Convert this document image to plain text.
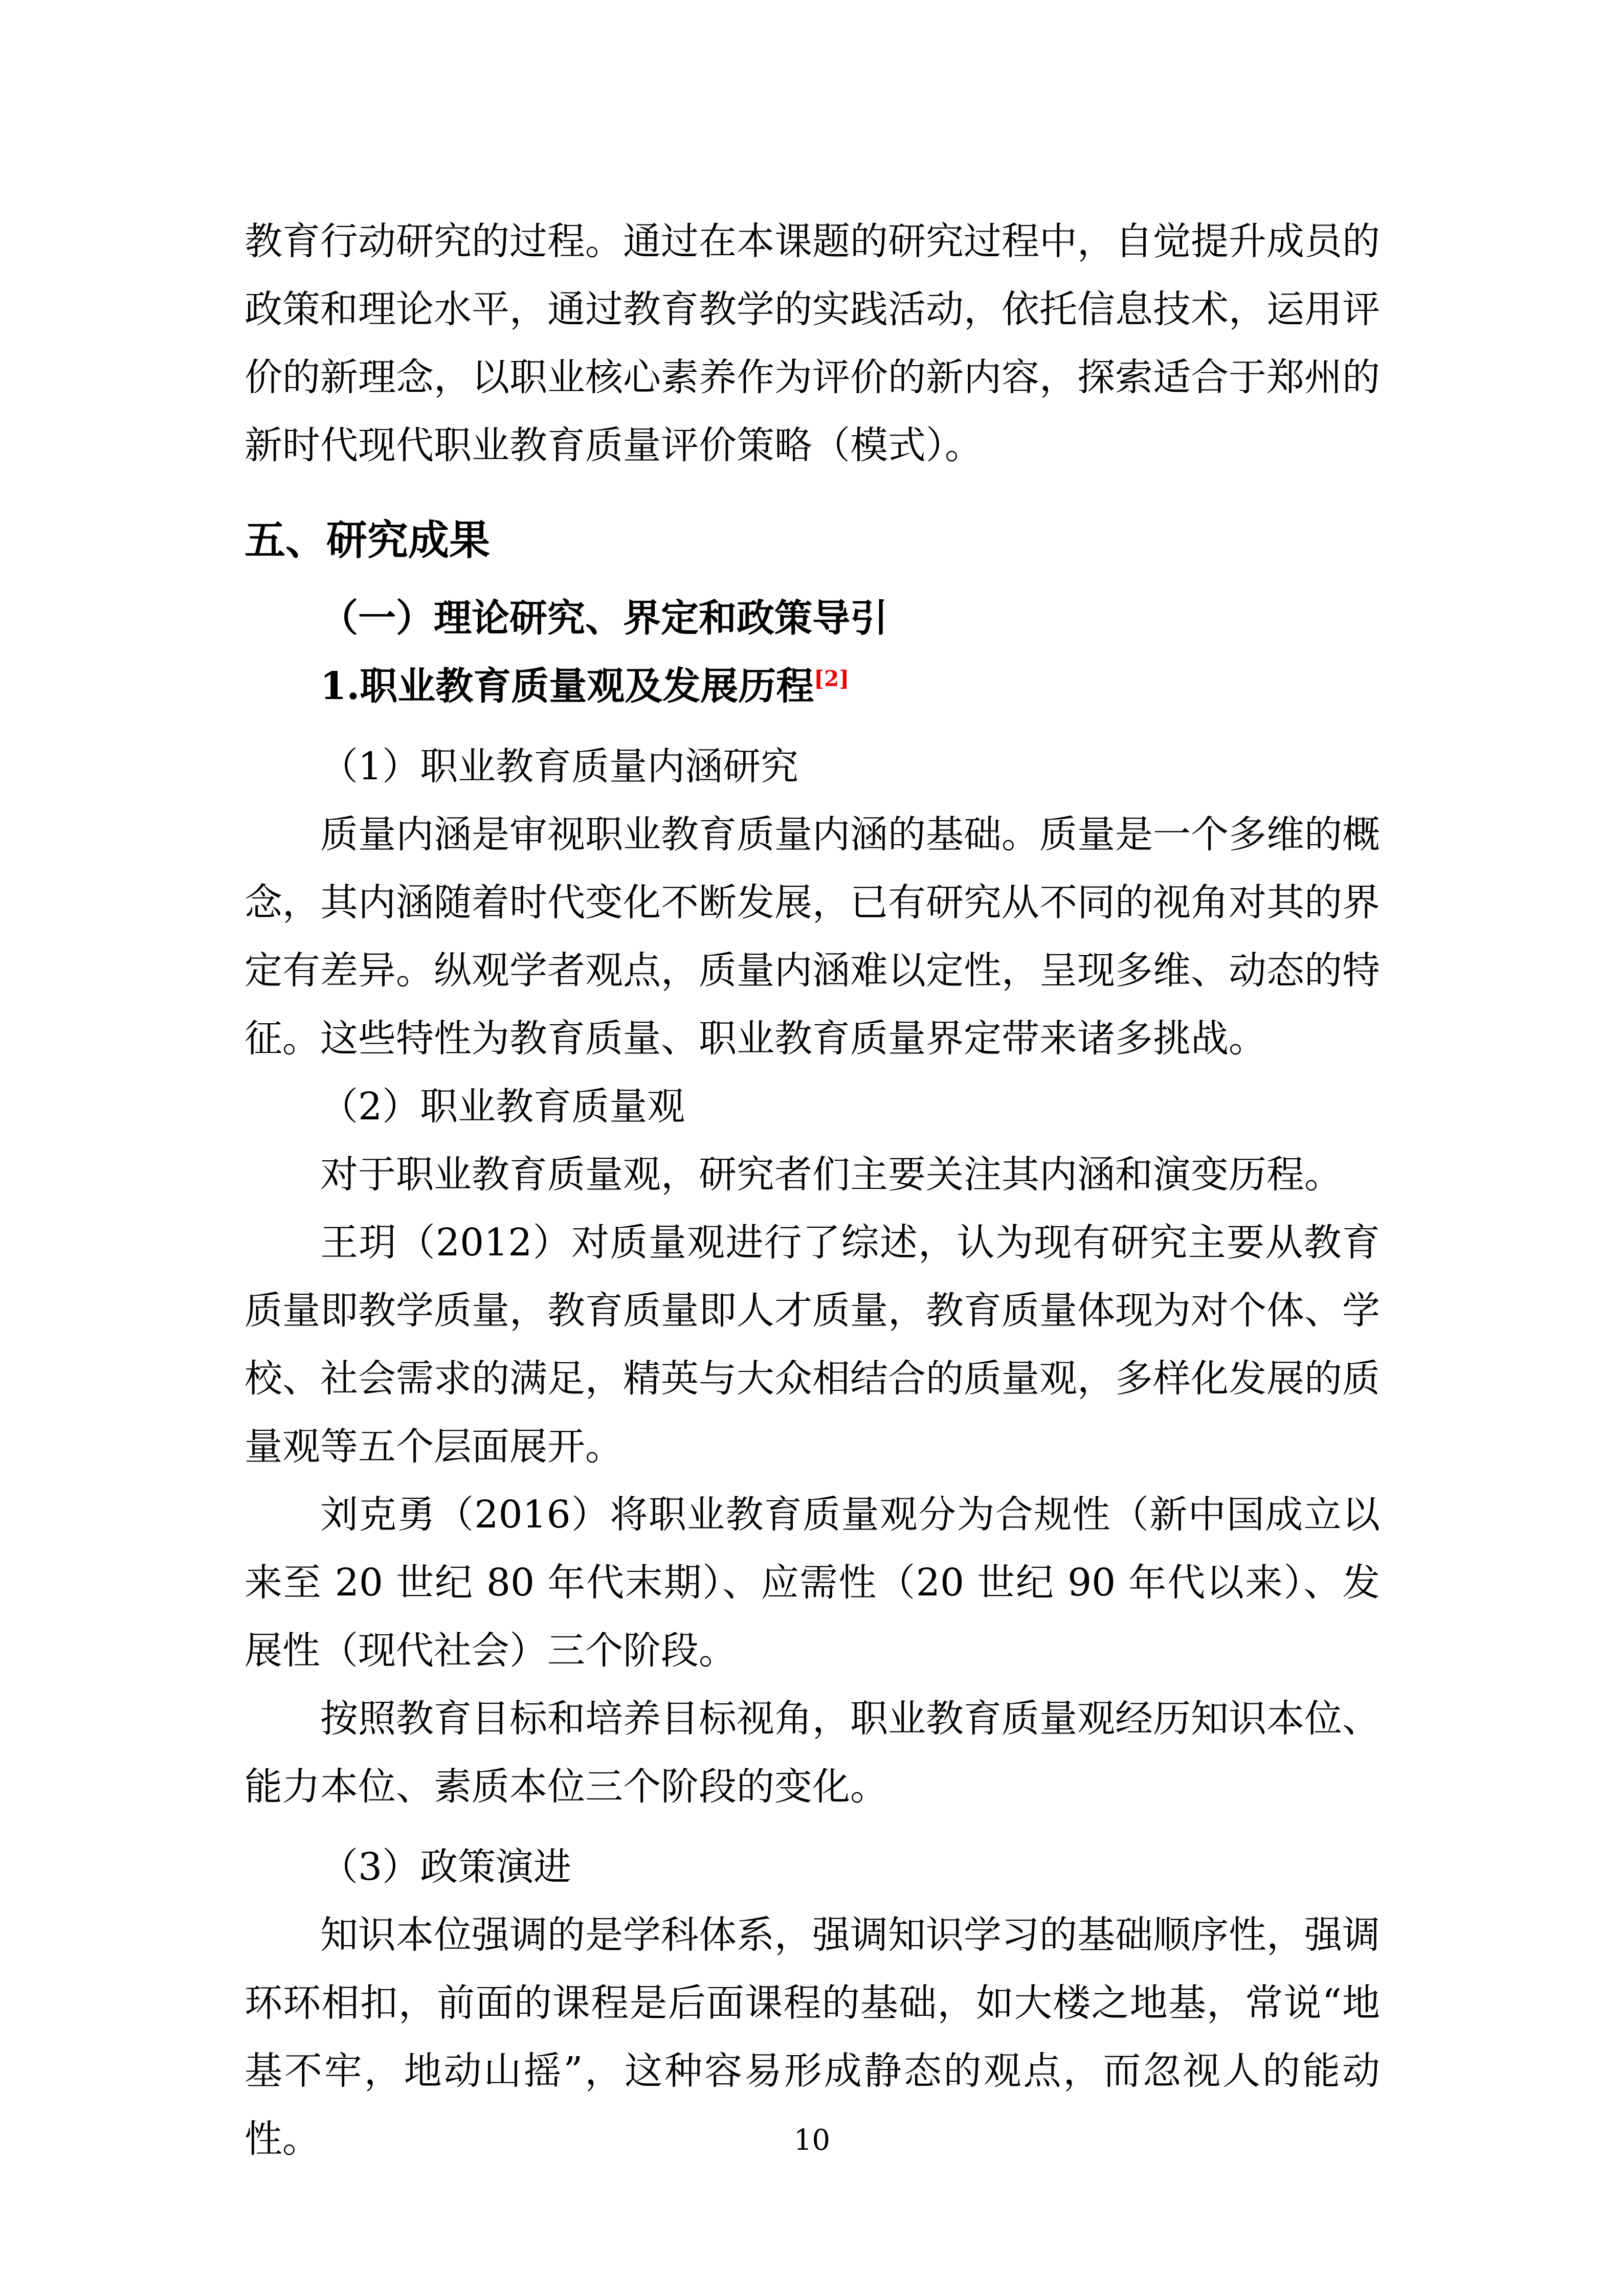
教育行动研究的过程。通过在本课题的研究过程中，自觉提升成员的政策和理论水平，通过教育教学的实践活动，依托信息技术，运用评价的新理念，以职业核心素养作为评价的新内容，探索适合于郑州的新时代现代职业教育质量评价策略（模式）。

五、研究成果

（一）理论研究、界定和政策导引

1.职业教育质量观及发展历程[2]

（1）职业教育质量内涵研究

质量内涵是审视职业教育质量内涵的基础。质量是一个多维的概念，其内涵随着时代变化不断发展，已有研究从不同的视角对其的界定有差异。纵观学者观点，质量内涵难以定性，呈现多维、动态的特征。这些特性为教育质量、职业教育质量界定带来诸多挑战。

（2）职业教育质量观

对于职业教育质量观，研究者们主要关注其内涵和演变历程。

王玥（2012）对质量观进行了综述，认为现有研究主要从教育质量即教学质量，教育质量即人才质量，教育质量体现为对个体、学校、社会需求的满足，精英与大众相结合的质量观，多样化发展的质量观等五个层面展开。

刘克勇（2016）将职业教育质量观分为合规性（新中国成立以来至 20 世纪 80 年代末期）、应需性（20 世纪 90 年代以来）、发展性（现代社会）三个阶段。

按照教育目标和培养目标视角，职业教育质量观经历知识本位、能力本位、素质本位三个阶段的变化。

（3）政策演进

知识本位强调的是学科体系，强调知识学习的基础顺序性，强调环环相扣，前面的课程是后面课程的基础，如大楼之地基，常说“地基不牢，地动山摇”，这种容易形成静态的观点，而忽视人的能动性。	10
